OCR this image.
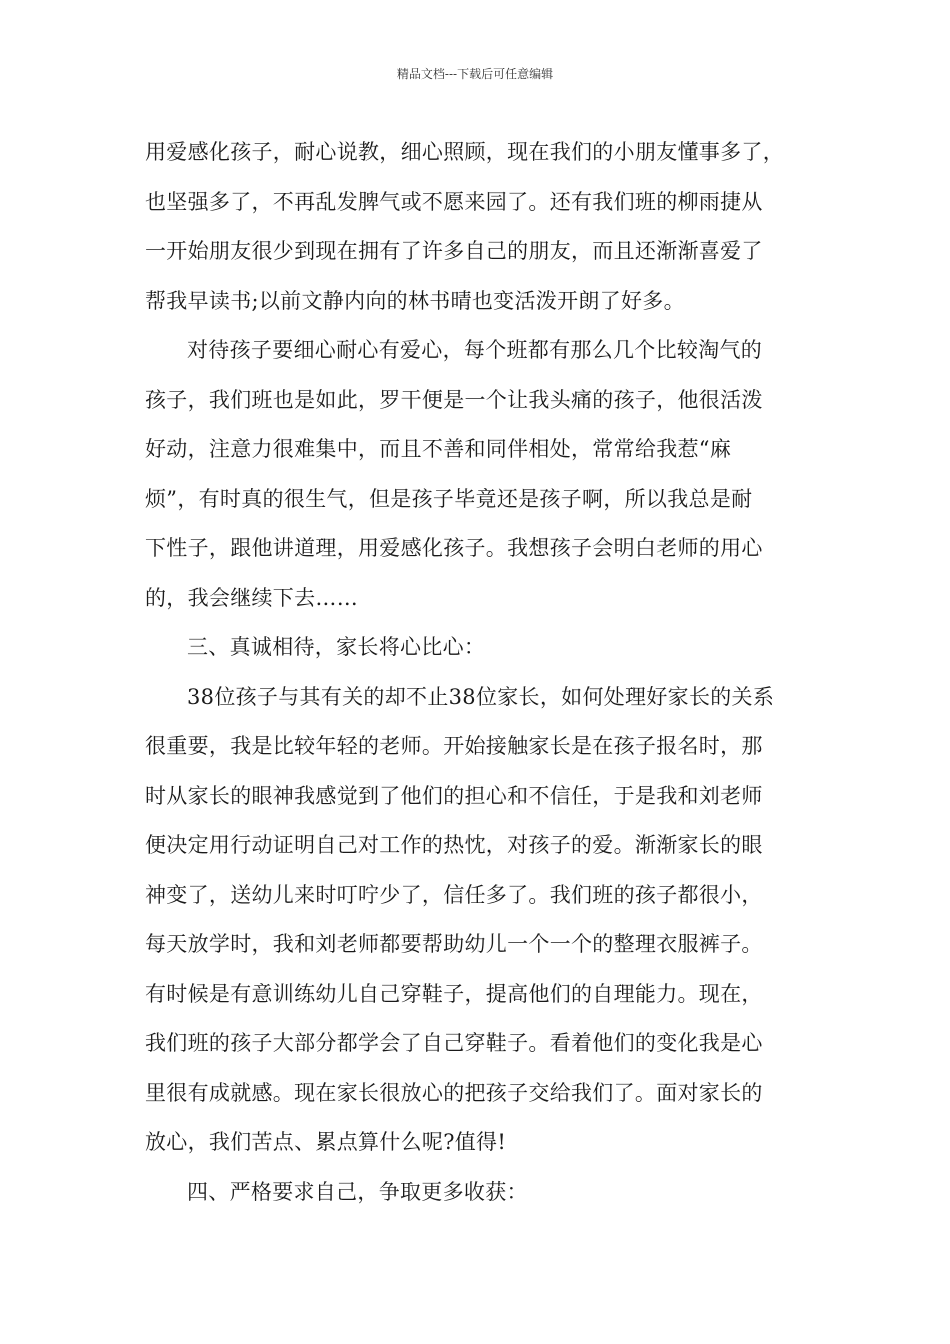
精品文档---下载后可任意编辑
用爱感化孩子，耐心说教，细心照顾，现在我们的小朋友懂事多了，
也坚强多了，不再乱发脾气或不愿来园了。还有我们班的柳雨捷从
一开始朋友很少到现在拥有了许多自己的朋友，而且还渐渐喜爱了
帮我早读书;以前文静内向的林书晴也变活泼开朗了好多。
对待孩子要细心耐心有爱心，每个班都有那么几个比较淘气的
孩子，我们班也是如此，罗干便是一个让我头痛的孩子，他很活泼
好动，注意力很难集中，而且不善和同伴相处，常常给我惹“麻
烦”，有时真的很生气，但是孩子毕竟还是孩子啊，所以我总是耐
下性子，跟他讲道理，用爱感化孩子。我想孩子会明白老师的用心
的，我会继续下去……
三、真诚相待，家长将心比心：
38位孩子与其有关的却不止38位家长，如何处理好家长的关系
很重要，我是比较年轻的老师。开始接触家长是在孩子报名时，那
时从家长的眼神我感觉到了他们的担心和不信任，于是我和刘老师
便决定用行动证明自己对工作的热忱，对孩子的爱。渐渐家长的眼
神变了，送幼儿来时叮咛少了，信任多了。我们班的孩子都很小，
每天放学时，我和刘老师都要帮助幼儿一个一个的整理衣服裤子。
有时候是有意训练幼儿自己穿鞋子，提高他们的自理能力。现在，
我们班的孩子大部分都学会了自己穿鞋子。看着他们的变化我是心
里很有成就感。现在家长很放心的把孩子交给我们了。面对家长的
放心，我们苦点、累点算什么呢?值得!
四、严格要求自己，争取更多收获：
